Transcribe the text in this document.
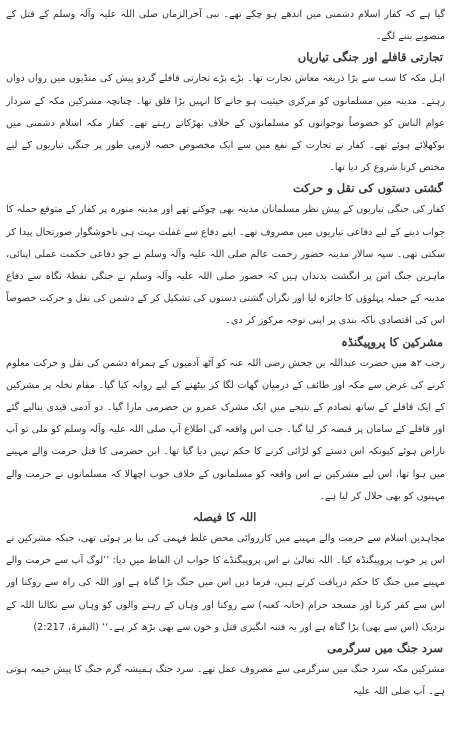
گیا ہے کہ کفار اسلام دشمنی میں اندھے ہو چکے تھے۔ نبی آخرالزماں صلی اللہ علیہ وآلہ وسلم کے قتل کے منصوبے بننے لگے۔

تجارتی قافلے اور جنگی تیاریاں

اہل مکہ کا سب سے بڑا ذریعہ معاش تجارت تھا۔ بڑے بڑے تجارتی قافلے گردو پیش کی منڈیوں میں رواں دواں رہتے۔ مدینہ میں مسلمانوں کو مرکزی حیثیت ہو جانے کا انہیں بڑا قلق تھا۔ چنانچہ مشرکین مکہ کے سردار عوام الناس کو خصوصاً نوجوانوں کو مسلمانوں کے خلاف بھڑکاتے رہتے تھے۔ کفار مکہ اسلام دشمنی میں بوکھلائے ہوئے تھے۔ کفار نے تجارت کے نفع میں سے ایک مخصوص حصہ لازمی طور پر جنگی تیاریوں کے لیے مختص کرنا شروع کر دیا تھا۔

گشتی دستوں کی نقل و حرکت

کفار کی جنگی تیاریوں کے پیش نظر مسلمانان مدینہ بھی چوکنے تھے اور مدینہ منورہ پر کفار کے متوقع حملہ کا جواب دینے کے لیے دفاعی تیاریوں میں مصروف تھے۔ اپنے دفاع سے غفلت بہت ہی ناخوشگوار صورتحال پیدا کر سکتی تھی۔ سپہ سالار مدینہ حضور رحمت عالم صلی اللہ علیہ وآلہ وسلم نے جو دفاعی حکمت عملی اپنائی، ماہرین جنگ اس پر انگشت بدنداں ہیں کہ حضور صلی اللہ علیہ وآلہ وسلم نے جنگی نقطۂ نگاہ سے دفاع مدینہ کے جملہ پہلوؤں کا جائزہ لیا اور نگران گشتی دستوں کی تشکیل کر کے دشمن کی نقل و حرکت خصوصاً اس کی اقتصادی ناکہ بندی پر اپنی توجہ مرکوز کر دی۔

مشرکین کا پروپیگنڈہ

رجب ۲ھ میں حضرت عبداللہ بن جحش رضی اللہ عنہ کو آٹھ آدمیوں کے ہمراہ دشمن کی نقل و حرکت معلوم کرنے کی غرض سے مکہ اور طائف کے درمیان گھات لگا کر بیٹھنے کے لیے روانہ کیا گیا۔ مقام نخلہ پر مشرکین کے ایک قافلے کے ساتھ تصادم کے نتیجے میں ایک مشرک عمرو بن حضرمی مارا گیا۔ دو آدمی قیدی بنالیے گئے اور قافلے کے سامان پر قبضہ کر لیا گیا۔ جب اس واقعہ کی اطلاع آپ صلی اللہ علیہ وآلہ وسلم کو ملی تو آپ ناراض ہوئے کیونکہ اس دستے کو لڑائی کرنے کا حکم نہیں دیا گیا تھا۔ ابن حضرمی کا قتل حرمت والے مہینے میں ہوا تھا، اس لیے مشرکین نے اس واقعہ کو مسلمانوں کے خلاف خوب اچھالا کہ مسلمانوں نے حرمت والے مہینوں کو بھی حلال کر لیا ہے۔

اللہ کا فیصلہ

مجاہدین اسلام سے حرمت والے مہینے میں کارروائی محض غلط فہمی کی بنا پر ہوئی تھی، جبکہ مشرکین نے اس پر خوب پروپیگنڈہ کیا۔ اللہ تعالیٰ نے اس پروپیگنڈے کا جواب ان الفاظ میں دیا: ’’لوگ آپ سے حرمت والے مہینے میں جنگ کا حکم دریافت کرتے ہیں، فرما دیں اس میں جنگ بڑا گناہ ہے اور اللہ کی راہ سے روکنا اور اس سے کفر کرنا اور مسجد حرام (خانہ کعبہ) سے روکنا اور وہاں کے رہنے والوں کو وہاں سے نکالنا اللہ کے نزدیک (اس سے بھی) بڑا گناہ ہے اور یہ فتنہ انگیزی قتل و خون سے بھی بڑھ کر ہے۔‘‘ (البقرۃ، 2:217)

سرد جنگ میں سرگرمی

مشرکین مکہ سرد جنگ میں سرگرمی سے مصروف عمل تھے۔ سرد جنگ ہمیشہ گرم جنگ کا پیش خیمہ ہوتی ہے۔ آپ صلی اللہ علیہ
